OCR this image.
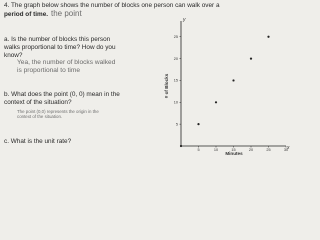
4. The graph below shows the number of blocks one person can walk over a
period of time. the point
a. Is the number of blocks this person
walks proportional to time? How do you
know?
Yea, the number of blocks walked
is proportional to time
b. What does the point (0, 0) mean in the
context of the situation?
The point (0,0) represents the origin in the
context of the situation.
c. What is the unit rate?
y
x
Minutes
# of Blocks
5	10	15	20	25	30
5
10
15
20
25
